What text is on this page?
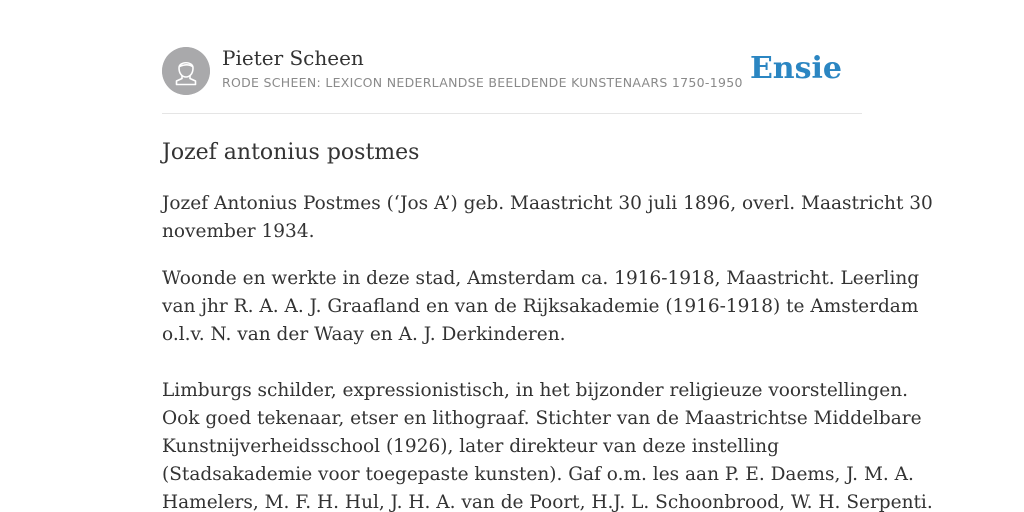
Pieter Scheen
RODE SCHEEN: LEXICON NEDERLANDSE BEELDENDE KUNSTENAARS 1750-1950 Ensie
Jozef antonius postmes

Jozef Antonius Postmes (‘Jos A’) geb. Maastricht 30 juli 1896, overl. Maastricht 30
november 1934.

Woonde en werkte in deze stad, Amsterdam ca. 1916-1918, Maastricht. Leerling
van jhr R. A. A. J. Graafland en van de Rijksakademie (1916-1918) te Amsterdam
o.l.v. N. van der Waay en A. J. Derkinderen.

Limburgs schilder, expressionistisch, in het bijzonder religieuze voorstellingen.
Ook goed tekenaar, etser en lithograaf. Stichter van de Maastrichtse Middelbare
Kunstnijverheidsschool (1926), later direkteur van deze instelling
(Stadsakademie voor toegepaste kunsten). Gaf o.m. les aan P. E. Daems, J. M. A.
Hamelers, M. F. H. Hul, J. H. A. van de Poort, H.J. L. Schoonbrood, W. H. Serpenti.
